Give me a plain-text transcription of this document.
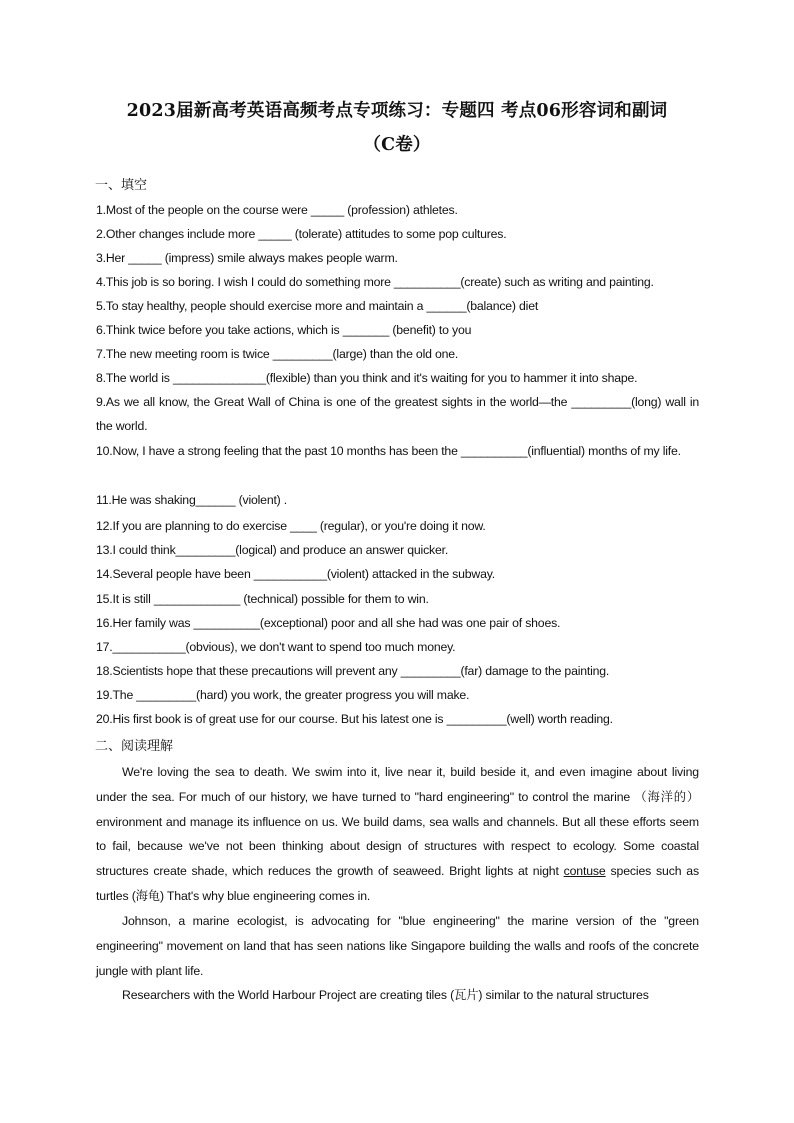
2023届新高考英语高频考点专项练习：专题四 考点06形容词和副词
（C卷）
一、填空
1.Most of the people on the course were _____ (profession) athletes.
2.Other changes include more _____ (tolerate) attitudes to some pop cultures.
3.Her _____ (impress) smile always makes people warm.
4.This job is so boring. I wish I could do something more __________(create) such as writing and painting.
5.To stay healthy, people should exercise more and maintain a ______(balance) diet
6.Think twice before you take actions, which is _______ (benefit) to you
7.The new meeting room is twice _________(large) than the old one.
8.The world is ______________(flexible) than you think and it's waiting for you to hammer it into shape.
9.As we all know, the Great Wall of China is one of the greatest sights in the world—the _________(long) wall in the world.
10.Now, I have a strong feeling that the past 10 months has been the __________(influential) months of my life.
11.He was shaking______ (violent) .
12.If you are planning to do exercise ____ (regular), or you're doing it now.
13.I could think_________(logical) and produce an answer quicker.
14.Several people have been ___________(violent) attacked in the subway.
15.It is still _____________ (technical) possible for them to win.
16.Her family was __________(exceptional) poor and all she had was one pair of shoes.
17.___________(obvious), we don't want to spend too much money.
18.Scientists hope that these precautions will prevent any _________(far) damage to the painting.
19.The _________(hard) you work, the greater progress you will make.
20.His first book is of great use for our course. But his latest one is _________(well) worth reading.
二、阅读理解
We're loving the sea to death. We swim into it, live near it, build beside it, and even imagine about living under the sea. For much of our history, we have turned to "hard engineering" to control the marine （海洋的） environment and manage its influence on us. We build dams, sea walls and channels. But all these efforts seem to fail, because we've not been thinking about design of structures with respect to ecology. Some coastal structures create shade, which reduces the growth of seaweed. Bright lights at night contuse species such as turtles (海龟) That's why blue engineering comes in.
Johnson, a marine ecologist, is advocating for "blue engineering" the marine version of the "green engineering" movement on land that has seen nations like Singapore building the walls and roofs of the concrete jungle with plant life.
Researchers with the World Harbour Project are creating tiles (瓦片) similar to the natural structures
